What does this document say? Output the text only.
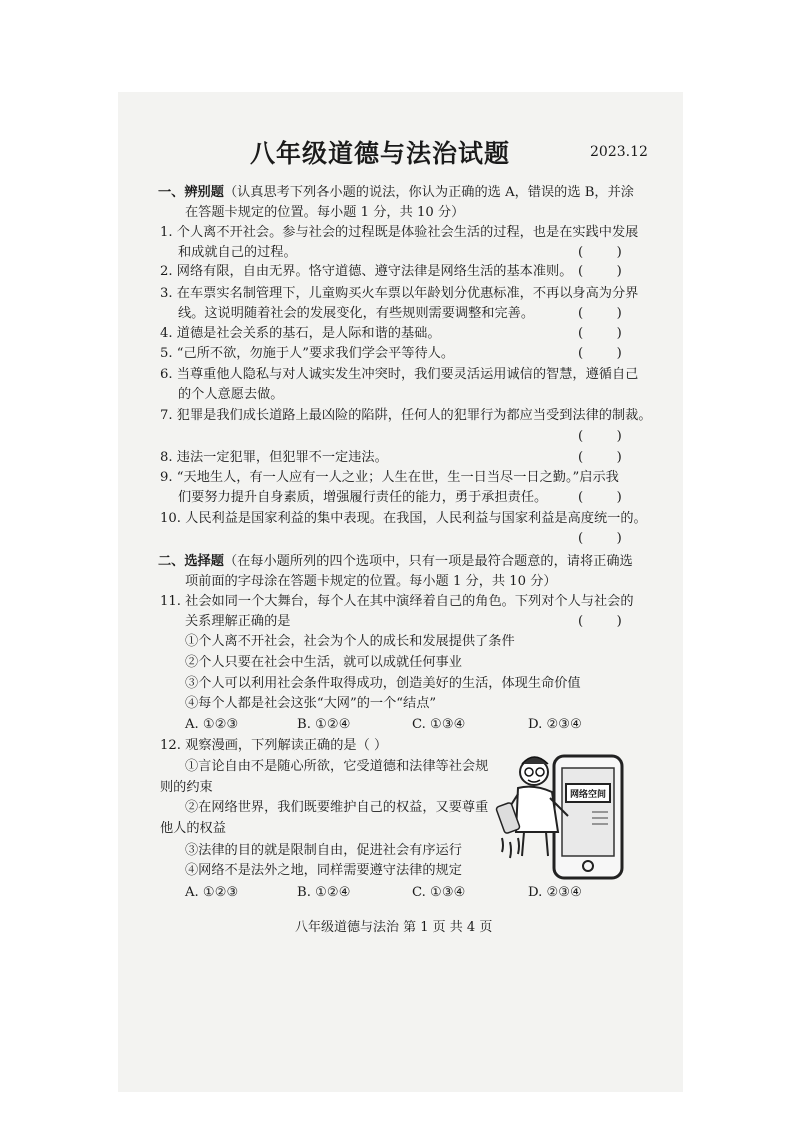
八年级道德与法治试题	2023.12
一、辨别题（认真思考下列各小题的说法，你认为正确的选 A，错误的选 B，并涂
在答题卡规定的位置。每小题 1 分，共 10 分）
1. 个人离不开社会。参与社会的过程既是体验社会生活的过程，也是在实践中发展
和成就自己的过程。	(        )
2. 网络有限，自由无界。恪守道德、遵守法律是网络生活的基本准则。 (        )
3. 在车票实名制管理下，儿童购买火车票以年龄划分优惠标准，不再以身高为分界
线。这说明随着社会的发展变化，有些规则需要调整和完善。	(        )
4. 道德是社会关系的基石，是人际和谐的基础。	(        )
5. “己所不欲，勿施于人”要求我们学会平等待人。	(        )
6. 当尊重他人隐私与对人诚实发生冲突时，我们要灵活运用诚信的智慧，遵循自己
的个人意愿去做。
7. 犯罪是我们成长道路上最凶险的陷阱，任何人的犯罪行为都应当受到法律的制裁。
(        )
8. 违法一定犯罪，但犯罪不一定违法。	(        )
9. “天地生人，有一人应有一人之业；人生在世，生一日当尽一日之勤。”启示我
们要努力提升自身素质，增强履行责任的能力，勇于承担责任。 (        )
10. 人民利益是国家利益的集中表现。在我国，人民利益与国家利益是高度统一的。
(        )
二、选择题（在每小题所列的四个选项中，只有一项是最符合题意的，请将正确选
项前面的字母涂在答题卡规定的位置。每小题 1 分，共 10 分）
11. 社会如同一个大舞台，每个人在其中演绎着自己的角色。下列对个人与社会的
关系理解正确的是	(        )
①个人离不开社会，社会为个人的成长和发展提供了条件
②个人只要在社会中生活，就可以成就任何事业
③个人可以利用社会条件取得成功，创造美好的生活，体现生命价值
④每个人都是社会这张“大网”的一个“结点”
A. ①②③	B. ①②④	C. ①③④	D. ②③④
12. 观察漫画，下列解读正确的是（ ）
①言论自由不是随心所欲，它受道德和法律等社会规
则的约束
②在网络世界，我们既要维护自己的权益，又要尊重
他人的权益
③法律的目的就是限制自由，促进社会有序运行
④网络不是法外之地，同样需要遵守法律的规定
A. ①②③	B. ①②④	C. ①③④	D. ②③④
网络空间
八年级道德与法治 第 1 页 共 4 页
